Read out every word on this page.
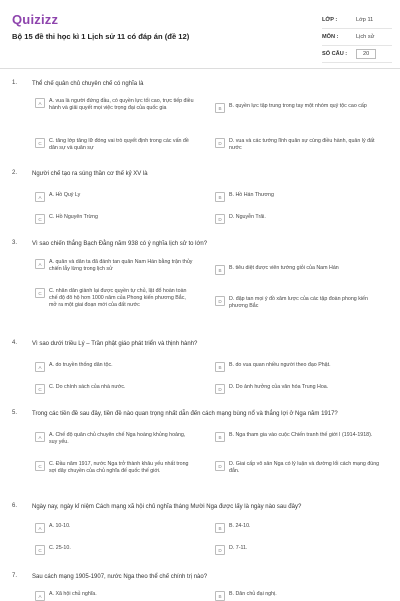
Quizizz
Bộ 15 đề thi học kì 1 Lịch sử 11 có đáp án (đề 12)
LỚP :	Lớp 11
MÔN :	Lịch sử
SỐ CÂU :	20
1. Thể chế quân chủ chuyên chế có nghĩa là
A	A. vua là người đứng đầu, có quyền lực tối cao, trực tiếp điều hành và giải quyết mọi việc trọng đại của quốc gia	B	B. quyền lực tập trung trong tay một nhóm quý tộc cao cấp
C	C. tăng lớp tăng lữ đóng vai trò quyết định trong các vấn đề dân sự và quân sự
D	D. vua và các tướng lĩnh quân sự cùng điều hành, quản lý đất nước
2. Người chế tạo ra súng thần cơ thế kỷ XV là
A	A. Hồ Quý Ly	B	B. Hồ Hán Thương
C	C. Hồ Nguyên Trừng	D	D. Nguyễn Trãi.
3. Vì sao chiến thắng Bạch Đằng năm 938 có ý nghĩa lịch sử to lớn?
A	A. quân và dân ta đã đánh tan quân Nam Hán bằng trận thủy chiến lẫy lừng trong lịch sử	B	B. tiêu diệt được viên tướng giỏi của Nam Hán
C	C. nhân dân giành lại được quyền tự chủ, lật đổ hoàn toàn chế độ đô hộ hơn 1000 năm của Phong kiến phương Bắc, mở ra một giai đoạn mới của đất nước
D	D. đập tan mọi ý đồ xâm lược của các tập đoàn phong kiến phương Bắc
4. Vì sao dưới triều Lý – Trần phật giáo phát triển và thịnh hành?
A	A. do truyền thống dân tộc.	B	B. do vua quan nhiều người theo đạo Phật.
C	C. Do chính sách của nhà nước.	D	D. Do ảnh hưởng của văn hóa Trung Hoa.
5. Trong các tiền đề sau đây, tiền đề nào quan trọng nhất dẫn đến cách mạng bùng nổ và thắng lợi ở Nga năm 1917?
A	A. Chế độ quân chủ chuyên chế Nga hoàng khủng hoảng, suy yếu.
B	B. Nga tham gia vào cuộc Chiến tranh thế giới I (1914-1918).
C	C. Đầu năm 1917, nước Nga trở thành khâu yếu nhất trong sợi dây chuyền của chủ nghĩa đế quốc thế giới.
D	D. Giai cấp vô sản Nga có lý luận và đường lối cách mạng đúng đắn.
6. Ngày nay, ngày kỉ niệm Cách mạng xã hội chủ nghĩa tháng Mười Nga được lấy là ngày nào sau đây?
A	A. 10-10.	B	B. 24-10.
C	C. 25-10.	D	D. 7-11.
7. Sau cách mạng 1905-1907, nước Nga theo thể chế chính trị nào?
A	A. Xã hội chủ nghĩa.	B	B. Dân chủ đại nghị.
